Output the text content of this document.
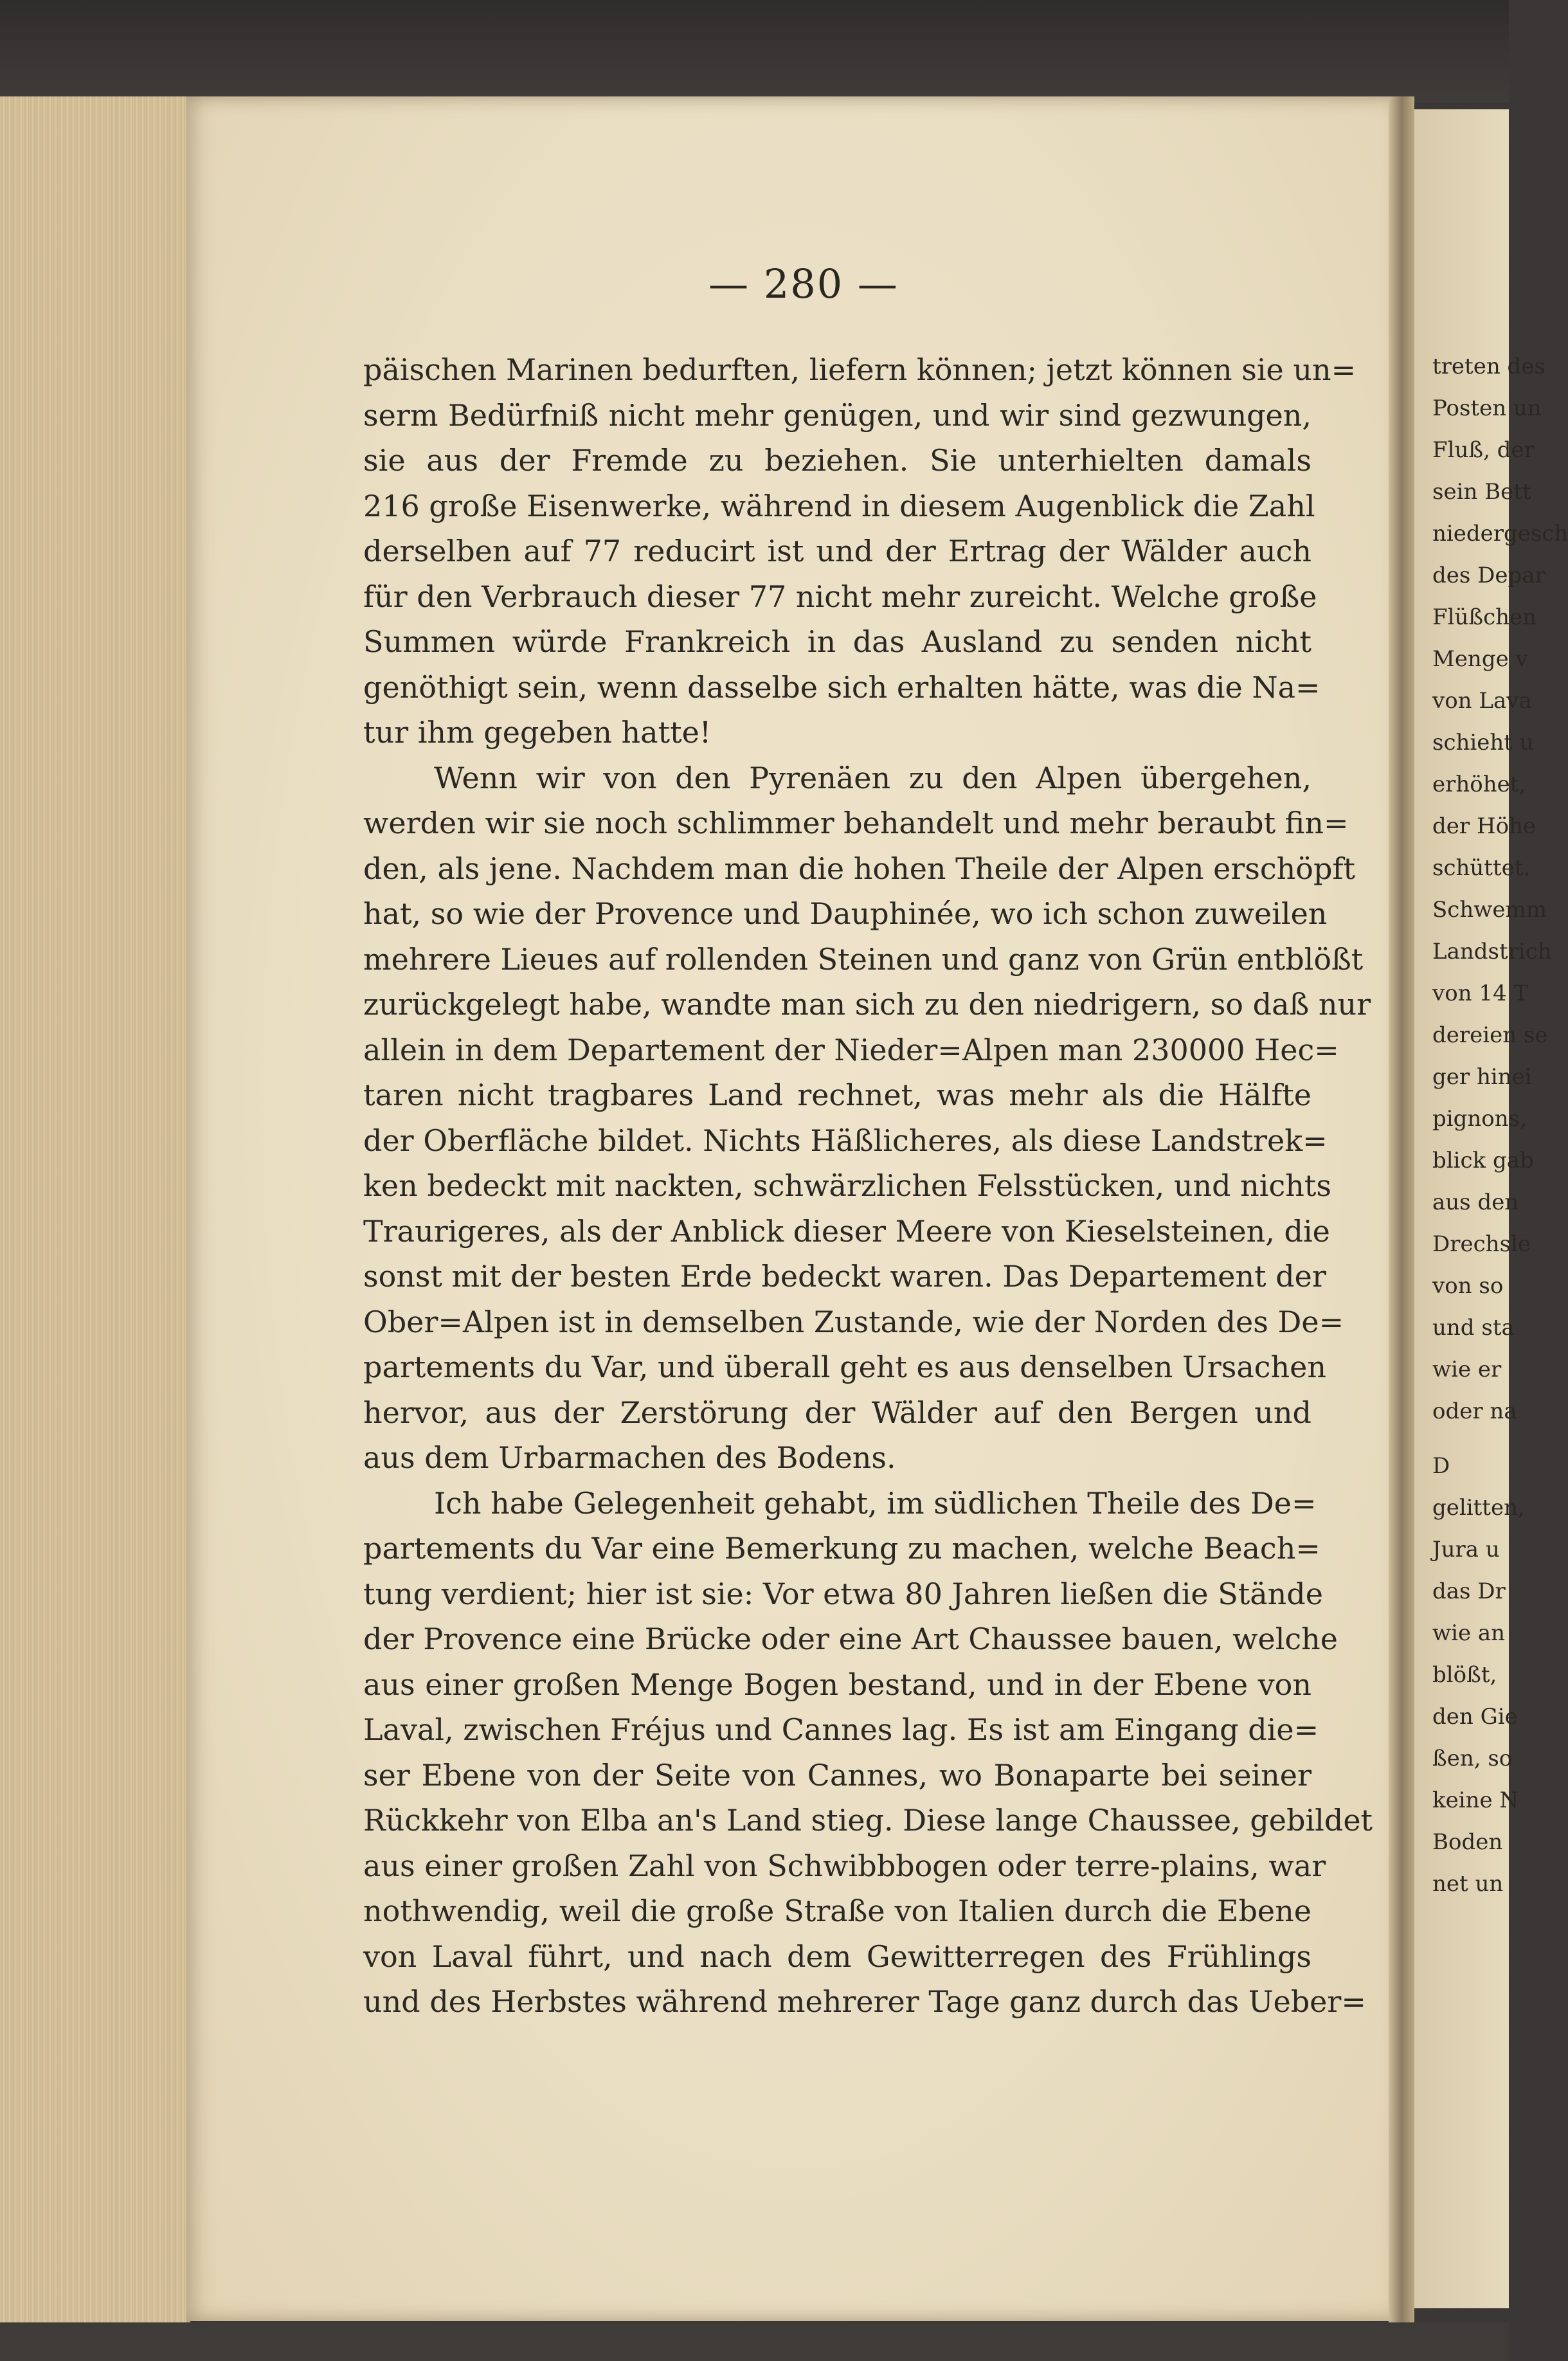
— 280 —
päischen Marinen bedurften, liefern können; jetzt können sie un=
serm Bedürfniß nicht mehr genügen, und wir sind gezwungen,
sie aus der Fremde zu beziehen. Sie unterhielten damals
216 große Eisenwerke, während in diesem Augenblick die Zahl
derselben auf 77 reducirt ist und der Ertrag der Wälder auch
für den Verbrauch dieser 77 nicht mehr zureicht. Welche große
Summen würde Frankreich in das Ausland zu senden nicht
genöthigt sein, wenn dasselbe sich erhalten hätte, was die Na=
tur ihm gegeben hatte!
Wenn wir von den Pyrenäen zu den Alpen übergehen,
werden wir sie noch schlimmer behandelt und mehr beraubt fin=
den, als jene. Nachdem man die hohen Theile der Alpen erschöpft
hat, so wie der Provence und Dauphinée, wo ich schon zuweilen
mehrere Lieues auf rollenden Steinen und ganz von Grün entblößt
zurückgelegt habe, wandte man sich zu den niedrigern, so daß nur
allein in dem Departement der Nieder=Alpen man 230000 Hec=
taren nicht tragbares Land rechnet, was mehr als die Hälfte
der Oberfläche bildet. Nichts Häßlicheres, als diese Landstrek=
ken bedeckt mit nackten, schwärzlichen Felsstücken, und nichts
Traurigeres, als der Anblick dieser Meere von Kieselsteinen, die
sonst mit der besten Erde bedeckt waren. Das Departement der
Ober=Alpen ist in demselben Zustande, wie der Norden des De=
partements du Var, und überall geht es aus denselben Ursachen
hervor, aus der Zerstörung der Wälder auf den Bergen und
aus dem Urbarmachen des Bodens.
Ich habe Gelegenheit gehabt, im südlichen Theile des De=
partements du Var eine Bemerkung zu machen, welche Beach=
tung verdient; hier ist sie: Vor etwa 80 Jahren ließen die Stände
der Provence eine Brücke oder eine Art Chaussee bauen, welche
aus einer großen Menge Bogen bestand, und in der Ebene von
Laval, zwischen Fréjus und Cannes lag. Es ist am Eingang die=
ser Ebene von der Seite von Cannes, wo Bonaparte bei seiner
Rückkehr von Elba an's Land stieg. Diese lange Chaussee, gebildet
aus einer großen Zahl von Schwibbbogen oder terre-plains, war
nothwendig, weil die große Straße von Italien durch die Ebene
von Laval führt, und nach dem Gewitterregen des Frühlings
und des Herbstes während mehrerer Tage ganz durch das Ueber=
treten des
Posten un
Fluß, der
sein Bett
niedergesch
des Depar
Flüßchen
Menge v
von Lava
schieht u
erhöhet,
der Höhe
schüttet.
Schwemm
Landstrich
von 14 T
dereien se
ger hinei
pignons,
blick gab
aus den
Drechsle
von so
und sta
wie er
oder na
D
gelitten,
Jura u
das Dr
wie an
blößt,
den Gie
ßen, so
keine N
Boden
net un
